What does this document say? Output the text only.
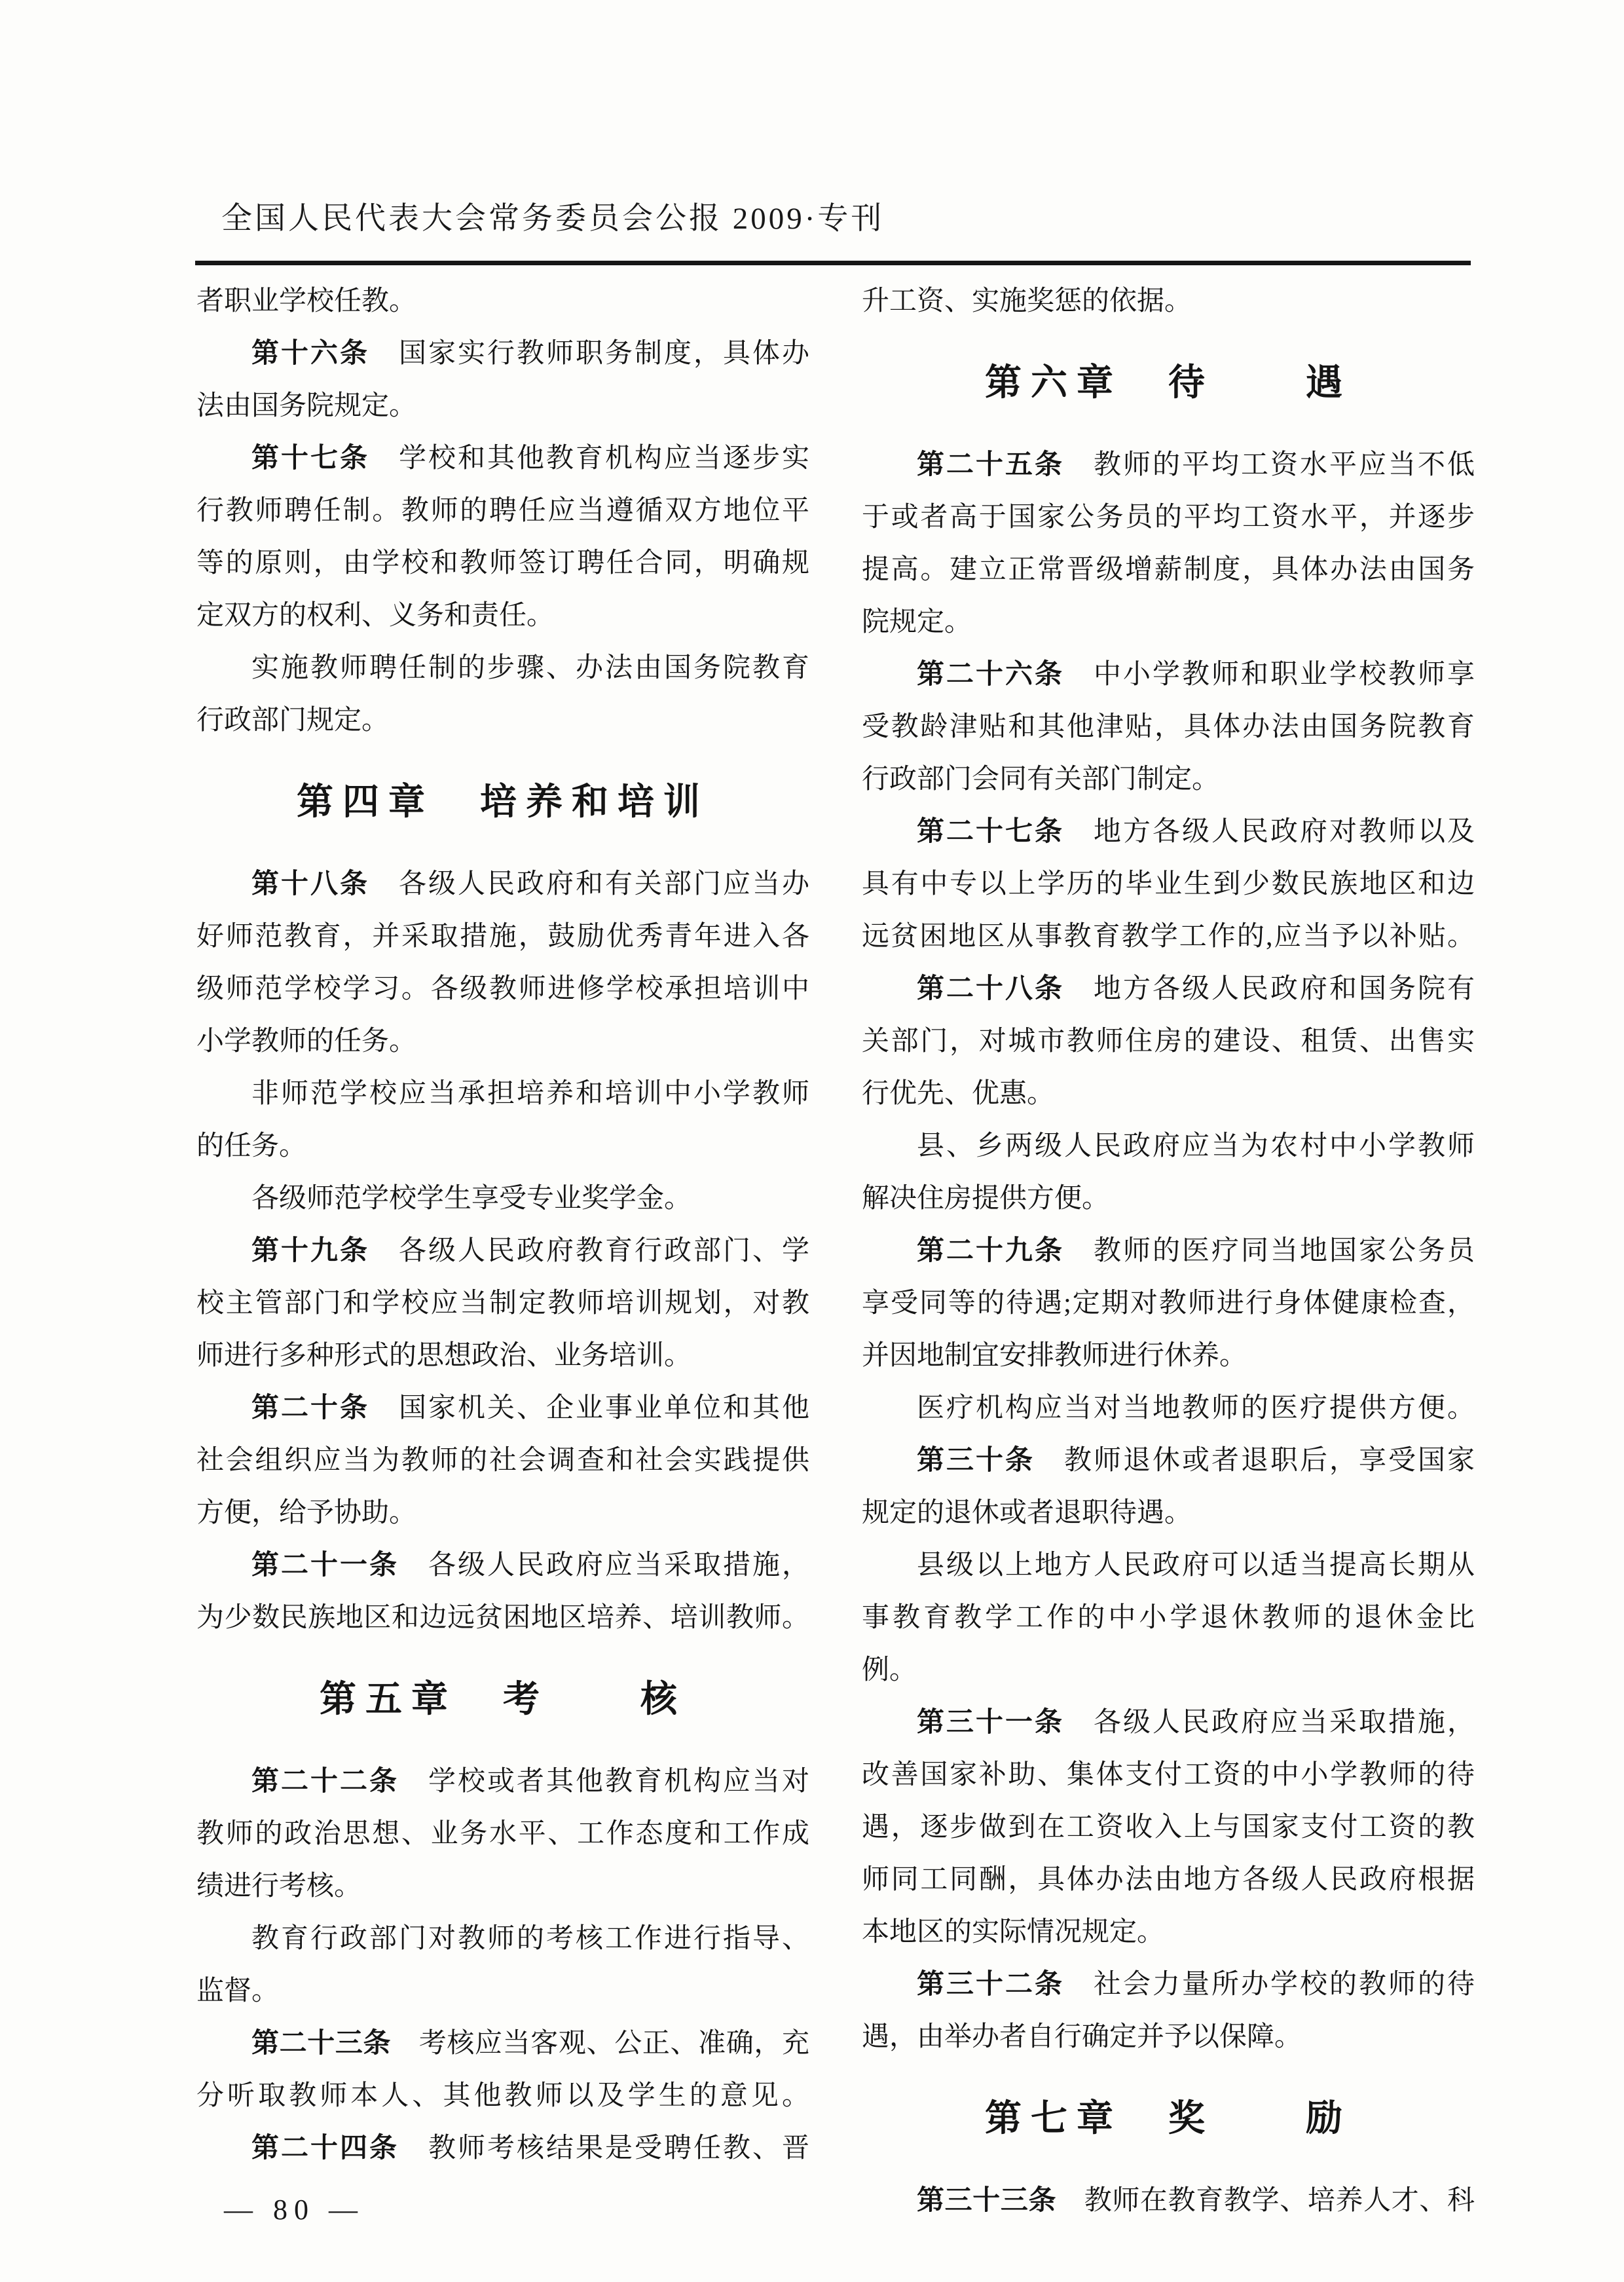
全国人民代表大会常务委员会公报 2009·专刊
者职业学校任教。
第十六条　国家实行教师职务制度，具体办
法由国务院规定。
第十七条　学校和其他教育机构应当逐步实
行教师聘任制。教师的聘任应当遵循双方地位平
等的原则，由学校和教师签订聘任合同，明确规
定双方的权利、义务和责任。
实施教师聘任制的步骤、办法由国务院教育
行政部门规定。
第四章　培养和培训
第十八条　各级人民政府和有关部门应当办
好师范教育，并采取措施，鼓励优秀青年进入各
级师范学校学习。各级教师进修学校承担培训中
小学教师的任务。
非师范学校应当承担培养和培训中小学教师
的任务。
各级师范学校学生享受专业奖学金。
第十九条　各级人民政府教育行政部门、学
校主管部门和学校应当制定教师培训规划，对教
师进行多种形式的思想政治、业务培训。
第二十条　国家机关、企业事业单位和其他
社会组织应当为教师的社会调查和社会实践提供
方便，给予协助。
第二十一条　各级人民政府应当采取措施，
为少数民族地区和边远贫困地区培养、培训教师。
第五章　考　　核
第二十二条　学校或者其他教育机构应当对
教师的政治思想、业务水平、工作态度和工作成
绩进行考核。
教育行政部门对教师的考核工作进行指导、
监督。
第二十三条　考核应当客观、公正、准确，充
分听取教师本人、其他教师以及学生的意见。
第二十四条　教师考核结果是受聘任教、晋
升工资、实施奖惩的依据。
第六章　待　　遇
第二十五条　教师的平均工资水平应当不低
于或者高于国家公务员的平均工资水平，并逐步
提高。建立正常晋级增薪制度，具体办法由国务
院规定。
第二十六条　中小学教师和职业学校教师享
受教龄津贴和其他津贴，具体办法由国务院教育
行政部门会同有关部门制定。
第二十七条　地方各级人民政府对教师以及
具有中专以上学历的毕业生到少数民族地区和边
远贫困地区从事教育教学工作的,应当予以补贴。
第二十八条　地方各级人民政府和国务院有
关部门，对城市教师住房的建设、租赁、出售实
行优先、优惠。
县、乡两级人民政府应当为农村中小学教师
解决住房提供方便。
第二十九条　教师的医疗同当地国家公务员
享受同等的待遇;定期对教师进行身体健康检查，
并因地制宜安排教师进行休养。
医疗机构应当对当地教师的医疗提供方便。
第三十条　教师退休或者退职后，享受国家
规定的退休或者退职待遇。
县级以上地方人民政府可以适当提高长期从
事教育教学工作的中小学退休教师的退休金比
例。
第三十一条　各级人民政府应当采取措施，
改善国家补助、集体支付工资的中小学教师的待
遇，逐步做到在工资收入上与国家支付工资的教
师同工同酬，具体办法由地方各级人民政府根据
本地区的实际情况规定。
第三十二条　社会力量所办学校的教师的待
遇，由举办者自行确定并予以保障。
第七章　奖　　励
第三十三条　教师在教育教学、培养人才、科
— 80 —
